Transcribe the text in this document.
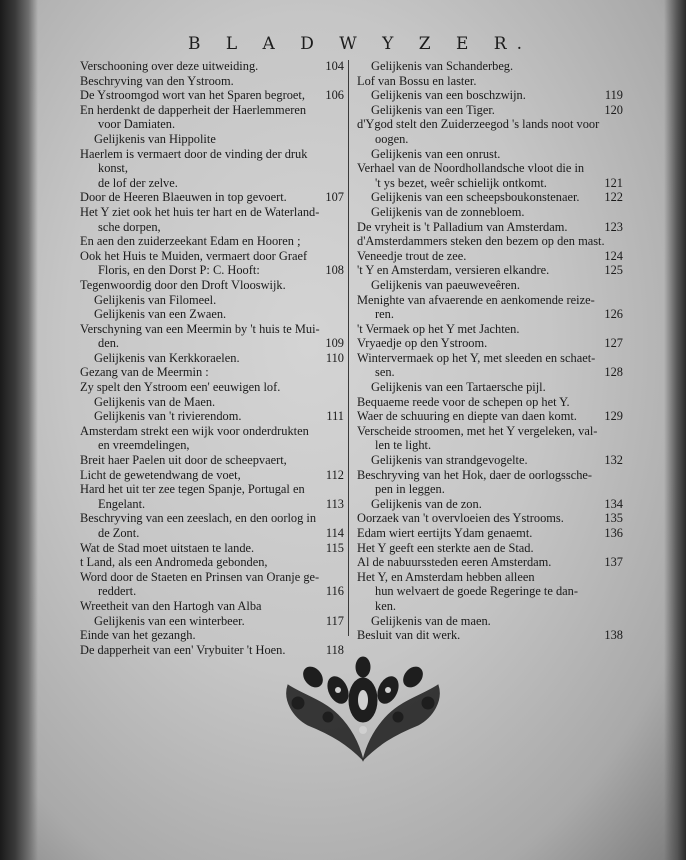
B L A D W Y Z E R.
Verschooning over deze uitweiding.	104
Beschryving van den Ystroom.
De Ystroomgod wort van het Sparen begroet, 106
En herdenkt de dapperheit der Haerlemmeren
voor Damiaten.
Gelijkenis van Hippolite
Haerlem is vermaert door de vinding der druk
konst,
de lof der zelve.
Door de Heeren Blaeuwen in top gevoert.	107
Het Y ziet ook het huis ter hart en de Waterland-
sche dorpen,
En aen den zuiderzeekant Edam en Hooren ;
Ook het Huis te Muiden, vermaert door Graef
Floris, en den Dorst P: C. Hooft:	108
Tegenwoordig door den Droft Vlooswijk.
Gelijkenis van Filomeel.
Gelijkenis van een Zwaen.
Verschyning van een Meermin by 't huis te Mui-
den.	109
Gelijkenis van Kerkkoraelen.	110
Gezang van de Meermin :
Zy spelt den Ystroom een' eeuwigen lof.
Gelijkenis van de Maen.
Gelijkenis van 't rivierendom.	111
Amsterdam strekt een wijk voor onderdrukten
en vreemdelingen,
Breit haer Paelen uit door de scheepvaert,
Licht de gewetendwang de voet,	112
Hard het uit ter zee tegen Spanje, Portugal en
Engelant.	113
Beschryving van een zeeslach, en den oorlog in
de Zont.	114
Wat de Stad moet uitstaen te lande.	115
t Land, als een Andromeda gebonden,
Word door de Staeten en Prinsen van Oranje ge-
reddert.	116
Wreetheit van den Hartogh van Alba
Gelijkenis van een winterbeer.	117
Einde van het gezangh.
De dapperheit van een' Vrybuiter 't Hoen.	118
Gelijkenis van Schanderbeg.
Lof van Bossu en laster.
Gelijkenis van een boschzwijn.	119
Gelijkenis van een Tiger.	120
d'Ygod stelt den Zuiderzeegod 's lands noot voor
oogen.
Gelijkenis van een onrust.
Verhael van de Noordhollandsche vloot die in
't ys bezet, weêr schielijk ontkomt.	121
Gelijkenis van een scheepsboukonstenaer. 122
Gelijkenis van de zonnebloem.
De vryheit is 't Palladium van Amsterdam.	123
d'Amsterdammers steken den bezem op den mast.
Veneedje trout de zee.	124
't Y en Amsterdam, versieren elkandre.	125
Gelijkenis van paeuweveêren.
Menighte van afvaerende en aenkomende reize-
ren.	126
't Vermaek op het Y met Jachten.
Vryaedje op den Ystroom.	127
Wintervermaek op het Y, met sleeden en schaet-
sen.	128
Gelijkenis van een Tartaersche pijl.
Bequaeme reede voor de schepen op het Y.
Waer de schuuring en diepte van daen komt. 129
Verscheide stroomen, met het Y vergeleken, val-
len te light.
Gelijkenis van strandgevogelte.	132
Beschryving van het Hok, daer de oorlogssche-
pen in leggen.
Gelijkenis van de zon.	134
Oorzaek van 't overvloeien des Ystrooms.	135
Edam wiert eertijts Ydam genaemt.	136
Het Y geeft een sterkte aen de Stad.
Al de nabuurssteden eeren Amsterdam.	137
Het Y, en Amsterdam hebben alleen
hun welvaert de goede Regeringe te dan-
ken.
Gelijkenis van de maen.
Besluit van dit werk.	138
